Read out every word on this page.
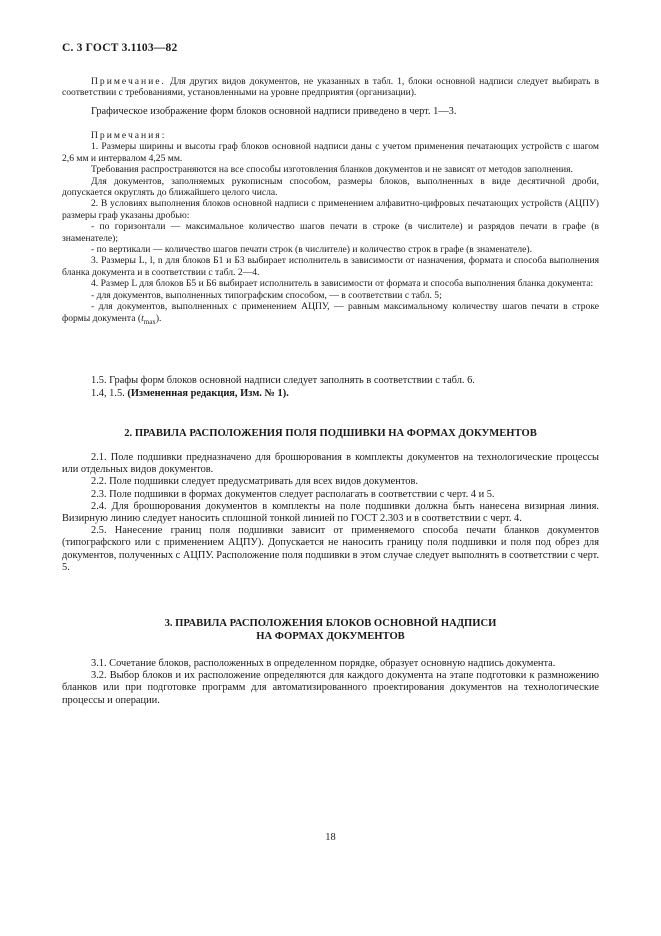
С. 3 ГОСТ 3.1103—82

Примечание. Для других видов документов, не указанных в табл. 1, блоки основной надписи следует выбирать в соответствии с требованиями, установленными на уровне предприятия (организации).

Графическое изображение форм блоков основной надписи приведено в черт. 1—3.

Примечания:

1. Размеры ширины и высоты граф блоков основной надписи даны с учетом применения печатающих устройств с шагом 2,6 мм и интервалом 4,25 мм.

Требования распространяются на все способы изготовления бланков документов и не зависят от методов заполнения.

Для документов, заполняемых рукописным способом, размеры блоков, выполненных в виде десятичной дроби, допускается округлять до ближайшего целого числа.

2. В условиях выполнения блоков основной надписи с применением алфавитно-цифровых печатающих устройств (АЦПУ) размеры граф указаны дробью:

- по горизонтали — максимальное количество шагов печати в строке (в числителе) и разрядов печати в графе (в знаменателе);

- по вертикали — количество шагов печати строк (в числителе) и количество строк в графе (в знаменателе).

3. Размеры L, l, n для блоков Б1 и Б3 выбирает исполнитель в зависимости от назначения, формата и способа выполнения бланка документа и в соответствии с табл. 2—4.

4. Размер L для блоков Б5 и Б6 выбирает исполнитель в зависимости от формата и способа выполнения бланка документа:

- для документов, выполненных типографским способом, — в соответствии с табл. 5;

- для документов, выполненных с применением АЦПУ, — равным максимальному количеству шагов печати в строке формы документа $(t_{max})$.

1.5. Графы форм блоков основной надписи следует заполнять в соответствии с табл. 6.

1.4, 1.5. (Измененная редакция, Изм. № 1).

2. ПРАВИЛА РАСПОЛОЖЕНИЯ ПОЛЯ ПОДШИВКИ НА ФОРМАХ ДОКУМЕНТОВ

2.1. Поле подшивки предназначено для брошюрования в комплекты документов на технологические процессы или отдельных видов документов.

2.2. Поле подшивки следует предусматривать для всех видов документов.

2.3. Поле подшивки в формах документов следует располагать в соответствии с черт. 4 и 5.

2.4. Для брошюрования документов в комплекты на поле подшивки должна быть нанесена визирная линия. Визирную линию следует наносить сплошной тонкой линией по ГОСТ 2.303 и в соответствии с черт. 4.

2.5. Нанесение границ поля подшивки зависит от применяемого способа печати бланков документов (типографского или с применением АЦПУ). Допускается не наносить границу поля подшивки и поля под обрез для документов, полученных с АЦПУ. Расположение поля подшивки в этом случае следует выполнять в соответствии с черт. 5.

3. ПРАВИЛА РАСПОЛОЖЕНИЯ БЛОКОВ ОСНОВНОЙ НАДПИСИ
НА ФОРМАХ ДОКУМЕНТОВ

3.1. Сочетание блоков, расположенных в определенном порядке, образует основную надпись документа.

3.2. Выбор блоков и их расположение определяются для каждого документа на этапе подготовки к размножению бланков или при подготовке программ для автоматизированного проектирования документов на технологические процессы и операции.

18
